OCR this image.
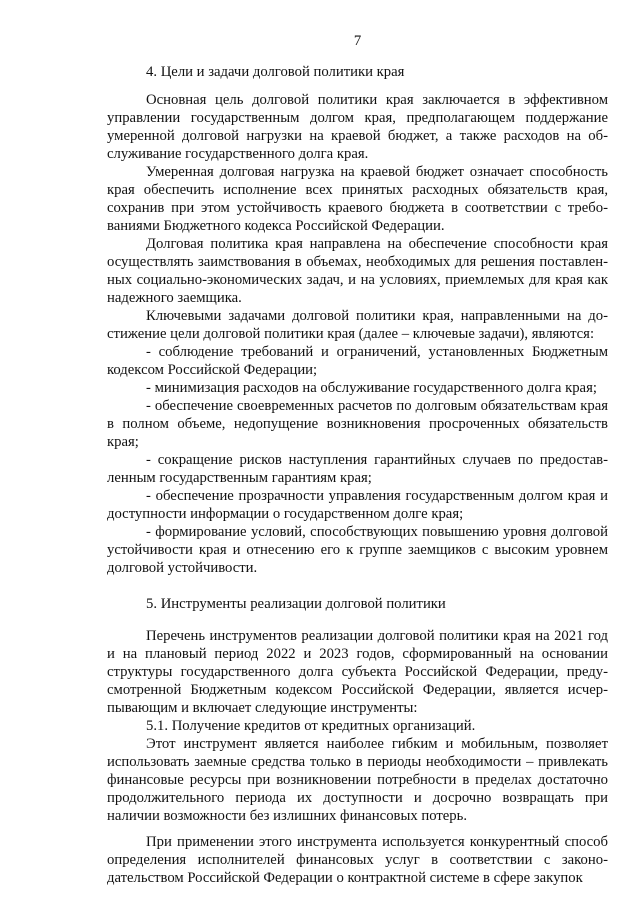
7

4. Цели и задачи долговой политики края

Основная цель долговой политики края заключается в эффективном управлении государственным долгом края, предполагающем поддержание умеренной долговой нагрузки на краевой бюджет, а также расходов на обслуживание государственного долга края.

Умеренная долговая нагрузка на краевой бюджет означает способность края обеспечить исполнение всех принятых расходных обязательств края, сохранив при этом устойчивость краевого бюджета в соответствии с требованиями Бюджетного кодекса Российской Федерации.

Долговая политика края направлена на обеспечение способности края осуществлять заимствования в объемах, необходимых для решения поставленных социально-экономических задач, и на условиях, приемлемых для края как надежного заемщика.

Ключевыми задачами долговой политики края, направленными на достижение цели долговой политики края (далее – ключевые задачи), являются:

- соблюдение требований и ограничений, установленных Бюджетным кодексом Российской Федерации;

- минимизация расходов на обслуживание государственного долга края;

- обеспечение своевременных расчетов по долговым обязательствам края в полном объеме, недопущение возникновения просроченных обязательств края;

- сокращение рисков наступления гарантийных случаев по предоставленным государственным гарантиям края;

- обеспечение прозрачности управления государственным долгом края и доступности информации о государственном долге края;

- формирование условий, способствующих повышению уровня долговой устойчивости края и отнесению его к группе заемщиков с высоким уровнем долговой устойчивости.

5. Инструменты реализации долговой политики

Перечень инструментов реализации долговой политики края на 2021 год и на плановый период 2022 и 2023 годов, сформированный на основании структуры государственного долга субъекта Российской Федерации, предусмотренной Бюджетным кодексом Российской Федерации, является исчерпывающим и включает следующие инструменты:

5.1. Получение кредитов от кредитных организаций.

Этот инструмент является наиболее гибким и мобильным, позволяет использовать заемные средства только в периоды необходимости – привлекать финансовые ресурсы при возникновении потребности в пределах достаточно продолжительного периода их доступности и досрочно возвращать при наличии возможности без излишних финансовых потерь.

При применении этого инструмента используется конкурентный способ определения исполнителей финансовых услуг в соответствии с законодательством Российской Федерации о контрактной системе в сфере закупок
